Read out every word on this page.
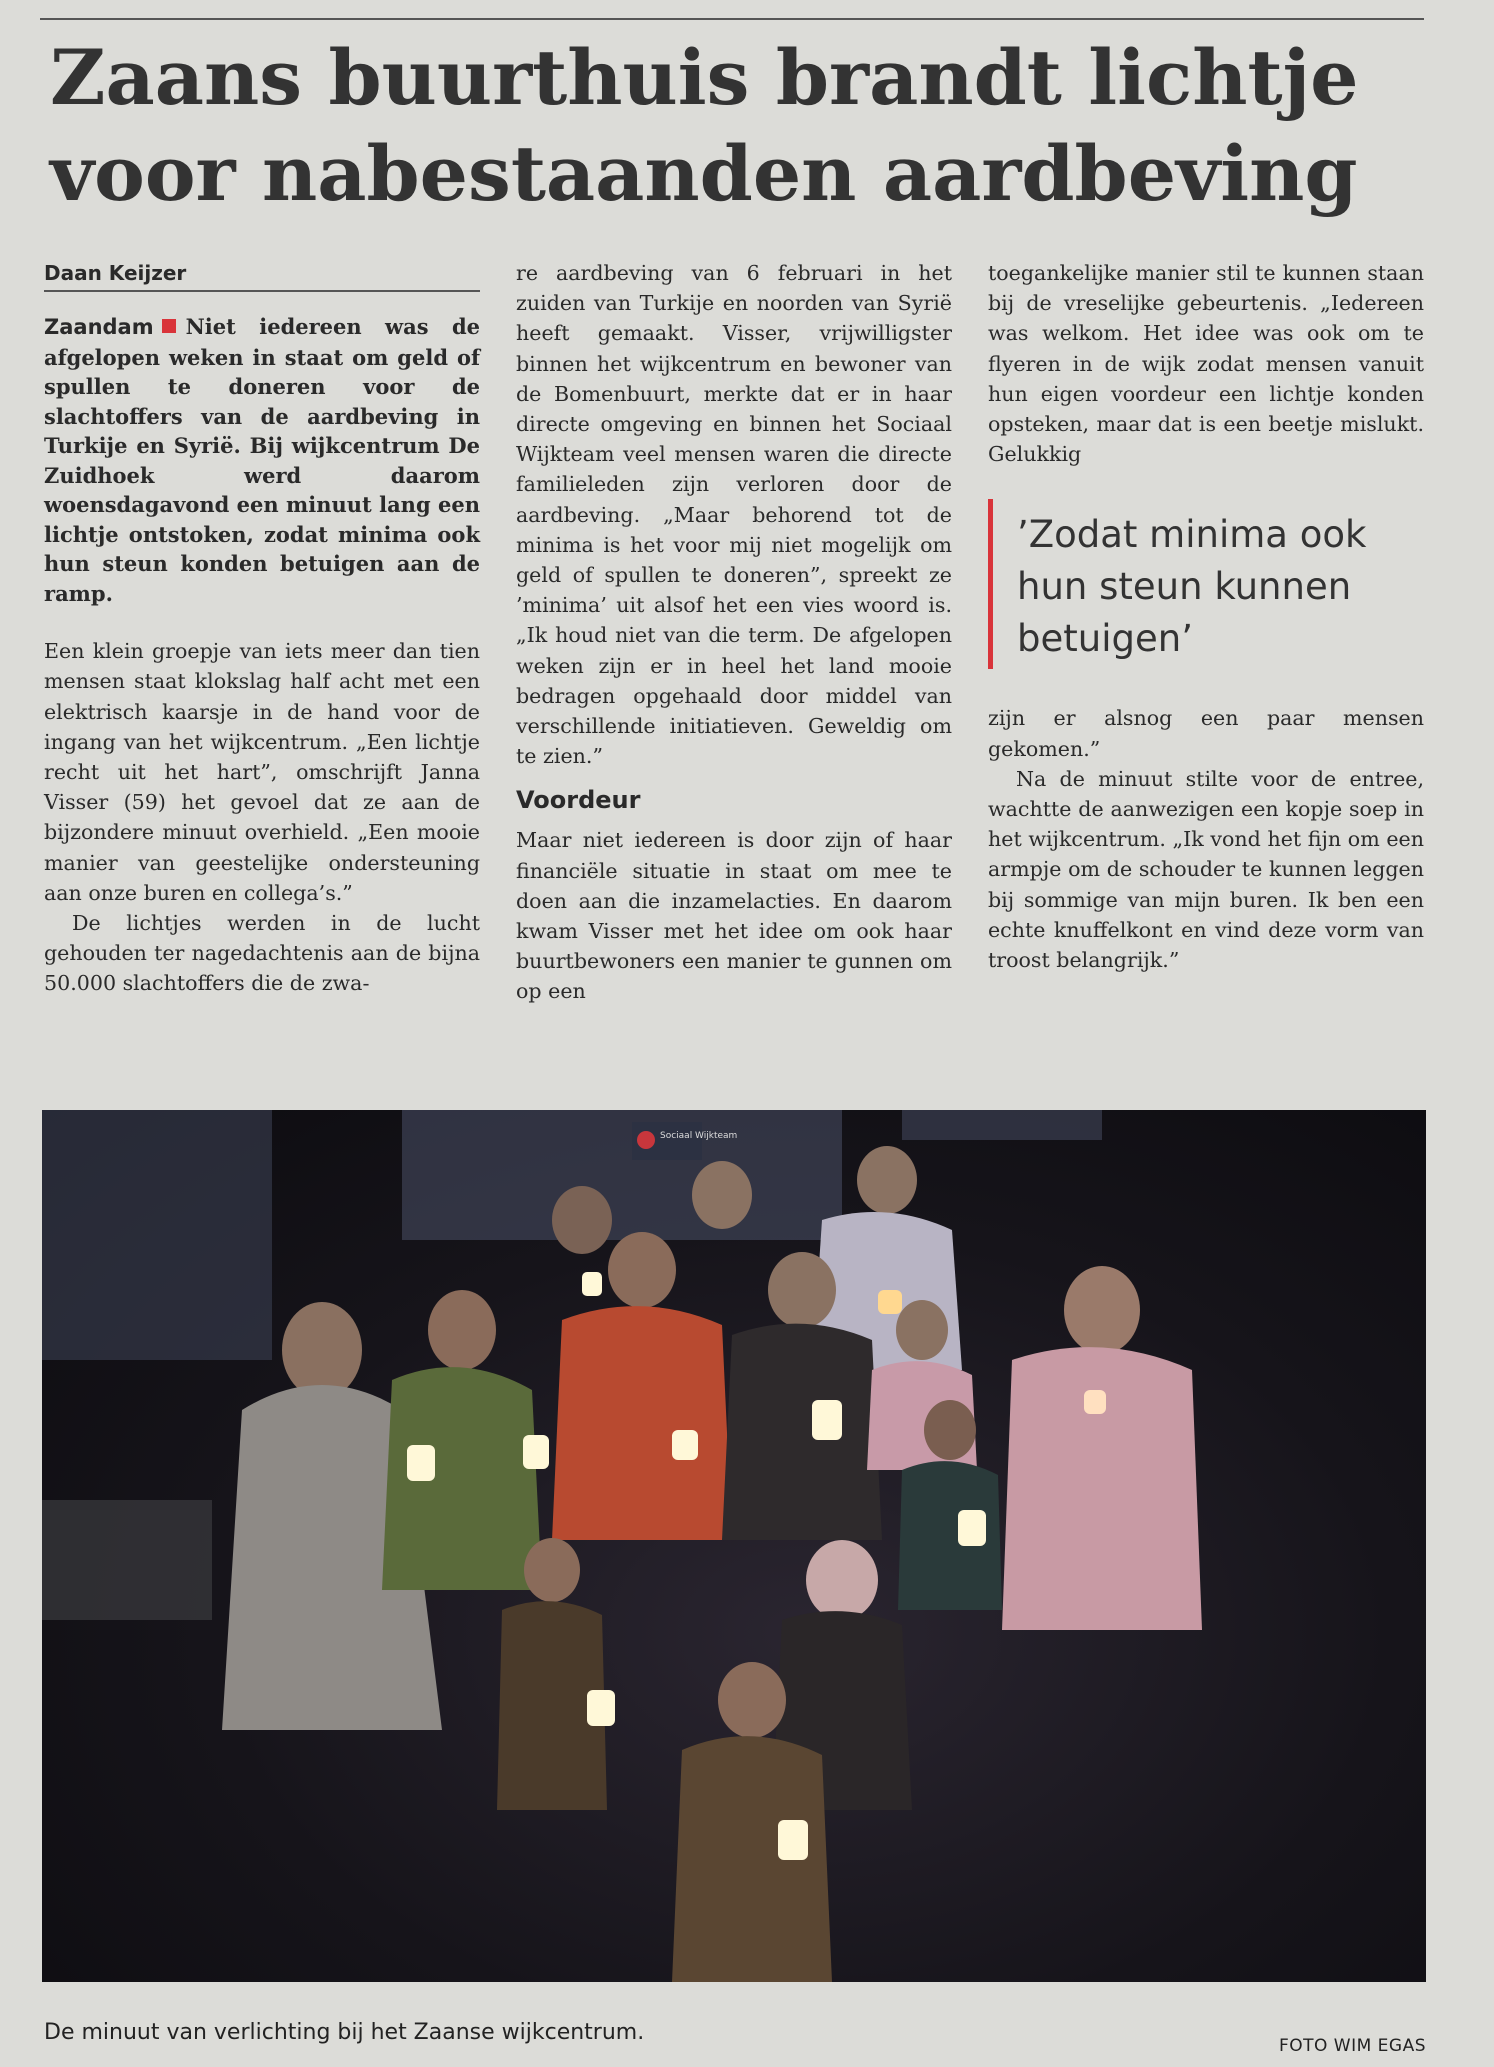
Zaans buurthuis brandt lichtje
voor nabestaanden aardbeving
Daan Keijzer

Zaandam Niet iedereen was de afgelopen weken in staat om geld of spullen te doneren voor de slachtoffers van de aardbeving in Turkije en Syrië. Bij wijkcentrum De Zuidhoek werd daarom woensdagavond een minuut lang een lichtje ontstoken, zodat minima ook hun steun konden betuigen aan de ramp.

Een klein groepje van iets meer dan tien mensen staat klokslag half acht met een elektrisch kaarsje in de hand voor de ingang van het wijkcentrum. „Een lichtje recht uit het hart”, omschrijft Janna Visser (59) het gevoel dat ze aan de bijzondere minuut overhield. „Een mooie manier van geestelijke ondersteuning aan onze buren en collega’s.”

De lichtjes werden in de lucht gehouden ter nagedachtenis aan de bijna 50.000 slachtoffers die de zwa-

re aardbeving van 6 februari in het zuiden van Turkije en noorden van Syrië heeft gemaakt. Visser, vrijwilligster binnen het wijkcentrum en bewoner van de Bomenbuurt, merkte dat er in haar directe omgeving en binnen het Sociaal Wijkteam veel mensen waren die directe familieleden zijn verloren door de aardbeving. „Maar behorend tot de minima is het voor mij niet mogelijk om geld of spullen te doneren”, spreekt ze ’minima’ uit alsof het een vies woord is. „Ik houd niet van die term. De afgelopen weken zijn er in heel het land mooie bedragen opgehaald door middel van verschillende initiatieven. Geweldig om te zien.”

Voordeur

Maar niet iedereen is door zijn of haar financiële situatie in staat om mee te doen aan die inzamelacties. En daarom kwam Visser met het idee om ook haar buurtbewoners een manier te gunnen om op een

toegankelijke manier stil te kunnen staan bij de vreselijke gebeurtenis. „Iedereen was welkom. Het idee was ook om te flyeren in de wijk zodat mensen vanuit hun eigen voordeur een lichtje konden opsteken, maar dat is een beetje mislukt. Gelukkig

’Zodat minima ook hun steun kunnen betuigen’

zijn er alsnog een paar mensen gekomen.”

Na de minuut stilte voor de entree, wachtte de aanwezigen een kopje soep in het wijkcentrum. „Ik vond het fijn om een armpje om de schouder te kunnen leggen bij sommige van mijn buren. Ik ben een echte knuffelkont en vind deze vorm van troost belangrijk.”

Sociaal Wijkteam
De minuut van verlichting bij het Zaanse wijkcentrum.
FOTO WIM EGAS
